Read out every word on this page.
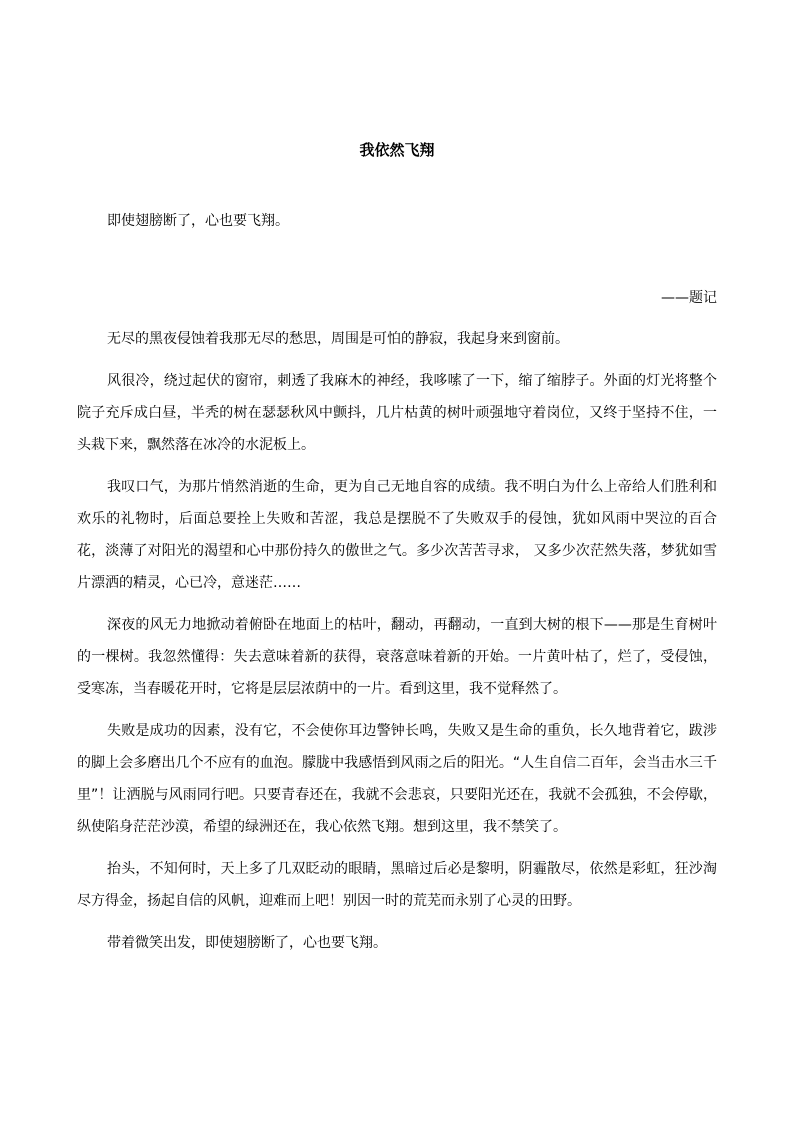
我依然飞翔
即使翅膀断了，心也要飞翔。
——题记

无尽的黑夜侵蚀着我那无尽的愁思，周围是可怕的静寂，我起身来到窗前。

风很冷，绕过起伏的窗帘，刺透了我麻木的神经，我哆嗦了一下，缩了缩脖子。外面的灯光将整个院子充斥成白昼，半秃的树在瑟瑟秋风中颤抖，几片枯黄的树叶顽强地守着岗位，又终于坚持不住，一头栽下来，飘然落在冰冷的水泥板上。

我叹口气，为那片悄然消逝的生命，更为自己无地自容的成绩。我不明白为什么上帝给人们胜利和欢乐的礼物时，后面总要拴上失败和苦涩，我总是摆脱不了失败双手的侵蚀，犹如风雨中哭泣的百合花，淡薄了对阳光的渴望和心中那份持久的傲世之气。多少次苦苦寻求， 又多少次茫然失落，梦犹如雪片漂洒的精灵，心已冷，意迷茫……

深夜的风无力地掀动着俯卧在地面上的枯叶，翻动，再翻动，一直到大树的根下——那是生育树叶的一棵树。我忽然懂得：失去意味着新的获得，衰落意味着新的开始。一片黄叶枯了，烂了，受侵蚀，受寒冻，当春暖花开时，它将是层层浓荫中的一片。看到这里，我不觉释然了。

失败是成功的因素，没有它，不会使你耳边警钟长鸣，失败又是生命的重负，长久地背着它，跋涉的脚上会多磨出几个不应有的血泡。朦胧中我感悟到风雨之后的阳光。“人生自信二百年，会当击水三千里”！让洒脱与风雨同行吧。只要青春还在，我就不会悲哀，只要阳光还在，我就不会孤独，不会停歇，纵使陷身茫茫沙漠，希望的绿洲还在，我心依然飞翔。想到这里，我不禁笑了。

抬头，不知何时，天上多了几双眨动的眼睛，黑暗过后必是黎明，阴霾散尽，依然是彩虹，狂沙淘尽方得金，扬起自信的风帆，迎难而上吧！别因一时的荒芜而永别了心灵的田野。

带着微笑出发，即使翅膀断了，心也要飞翔。
